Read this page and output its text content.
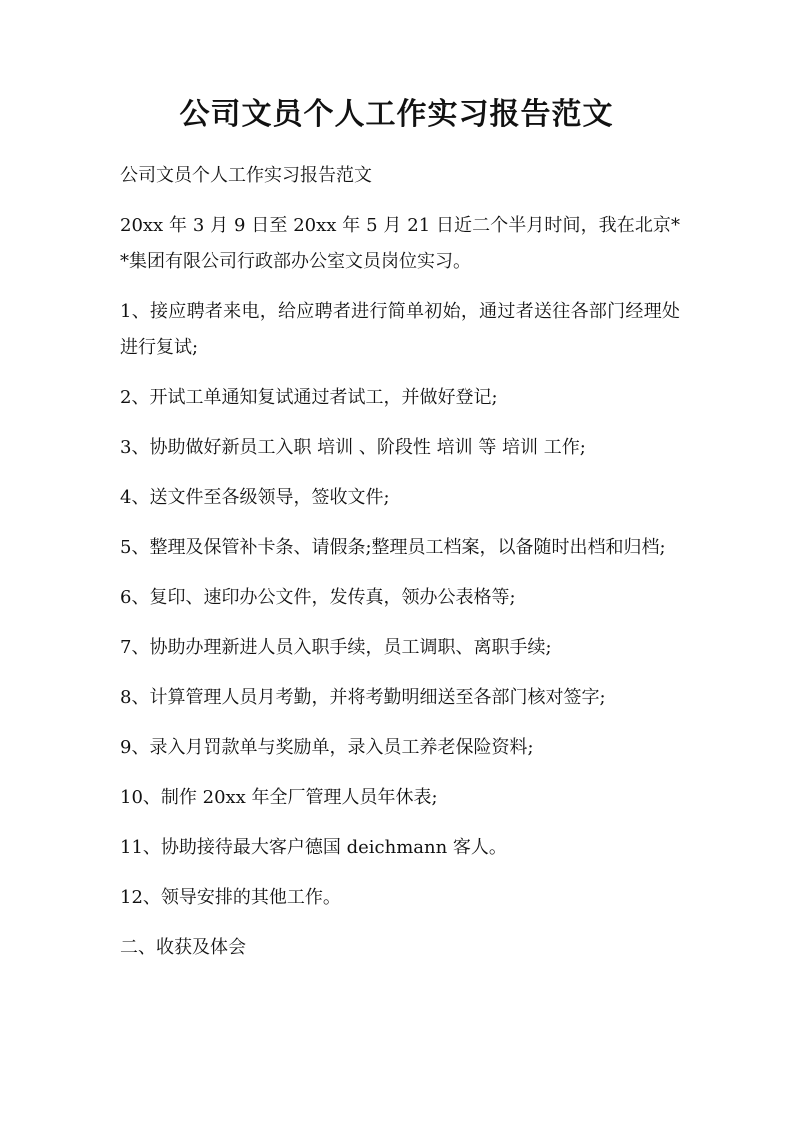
公司文员个人工作实习报告范文

公司文员个人工作实习报告范文

20xx 年 3 月 9 日至 20xx 年 5 月 21 日近二个半月时间，我在北京**集团有限公司行政部办公室文员岗位实习。

1、接应聘者来电，给应聘者进行简单初始，通过者送往各部门经理处进行复试;

2、开试工单通知复试通过者试工，并做好登记;

3、协助做好新员工入职 培训 、阶段性 培训 等 培训 工作;

4、送文件至各级领导，签收文件;

5、整理及保管补卡条、请假条;整理员工档案，以备随时出档和归档;

6、复印、速印办公文件，发传真，领办公表格等;

7、协助办理新进人员入职手续，员工调职、离职手续;

8、计算管理人员月考勤，并将考勤明细送至各部门核对签字;

9、录入月罚款单与奖励单，录入员工养老保险资料;

10、制作 20xx 年全厂管理人员年休表;

11、协助接待最大客户德国 deichmann 客人。

12、领导安排的其他工作。

二、收获及体会
